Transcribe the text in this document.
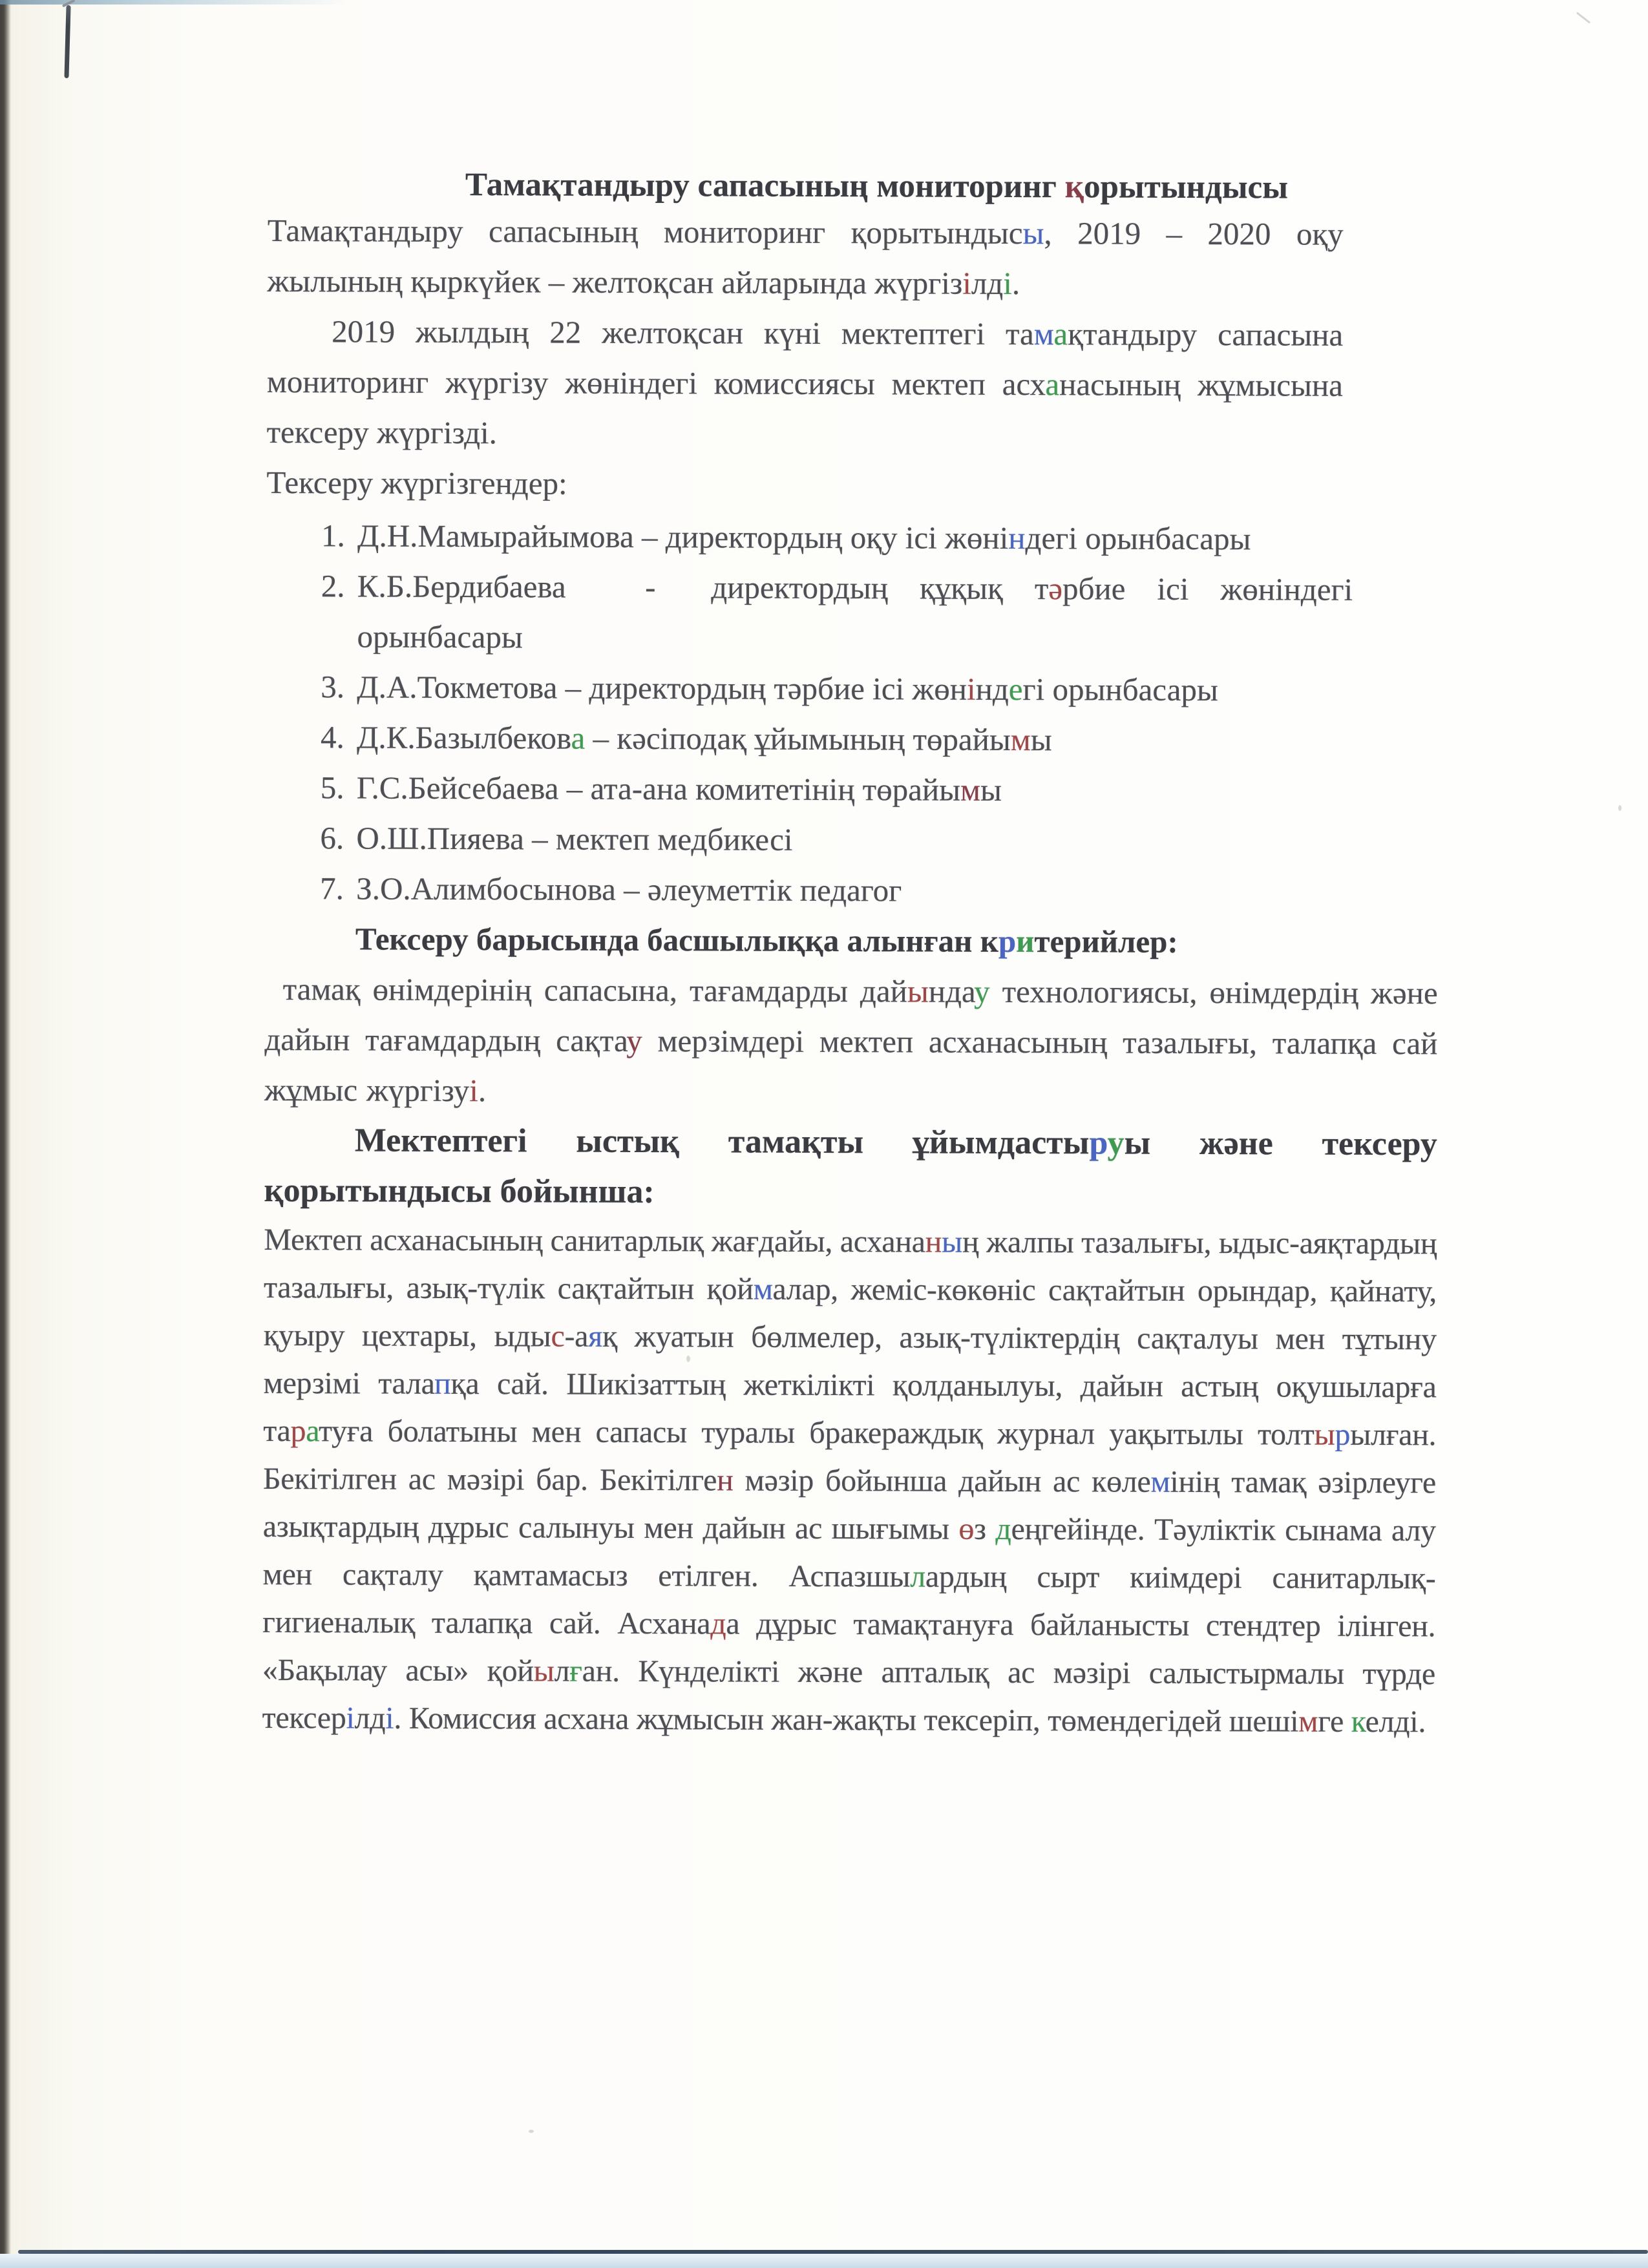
Тамақтандыру сапасының мониторинг қорытындысы

Тамақтандыру сапасының мониторинг қорытындысы, 2019 – 2020 оқу жылының қыркүйек – желтоқсан айларында жүргізілді.

2019 жылдың 22 желтоқсан күні мектептегі тамақтандыру сапасына мониторинг жүргізу жөніндегі комиссиясы мектеп асханасының жұмысына тексеру жүргізді.

Тексеру жүргізгендер:

1. Д.Н.Мамырайымова – директордың оқу ісі жөніндегі орынбасары
2. К.Б.Бердибаева          -       директордың    құқық    тәрбие    ісі    жөніндегі
орынбасары
3. Д.А.Токметова – директордың тәрбие ісі жөніндегі орынбасары
4. Д.К.Базылбекова – кәсіподақ ұйымының төрайымы
5. Г.С.Бейсебаева – ата-ана комитетінің төрайымы
6. О.Ш.Пияева – мектеп медбикесі
7. З.О.Алимбосынова – әлеуметтік педагог

Тексеру барысында басшылыққа алынған критерийлер:

тамақ өнімдерінің сапасына, тағамдарды дайындау технологиясы, өнімдердің және дайын тағамдардың сақтау мерзімдері мектеп асханасының тазалығы, талапқа сай жұмыс жүргізуі.

Мектептегі ыстық тамақты ұйымдастыруы және тексеру қорытындысы бойынша:

Мектеп асханасының санитарлық жағдайы, асхананың жалпы тазалығы, ыдыс-аяқтардың тазалығы, азық-түлік сақтайтын қоймалар, жеміс-көкөніс сақтайтын орындар, қайнату, қуыру цехтары, ыдыс-аяқ жуатын бөлмелер, азық-түліктердің сақталуы мен тұтыну мерзімі талапқа сай. Шикізаттың жеткілікті қолданылуы, дайын астың оқушыларға таратуға болатыны мен сапасы туралы бракераждық журнал уақытылы толтырылған. Бекітілген ас мәзірі бар. Бекітілген мәзір бойынша дайын ас көлемінің тамақ әзірлеуге азықтардың дұрыс салынуы мен дайын ас шығымы өз деңгейінде. Тәуліктік сынама алу мен сақталу қамтамасыз етілген. Аспазшылардың сырт киімдері санитарлық- гигиеналық талапқа сай. Асханада дұрыс тамақтануға байланысты стендтер ілінген. «Бақылау асы» қойылған. Күнделікті және апталық ас мәзірі салыстырмалы түрде тексерілді. Комиссия асхана жұмысын жан-жақты тексеріп, төмендегідей шешімге келді.
